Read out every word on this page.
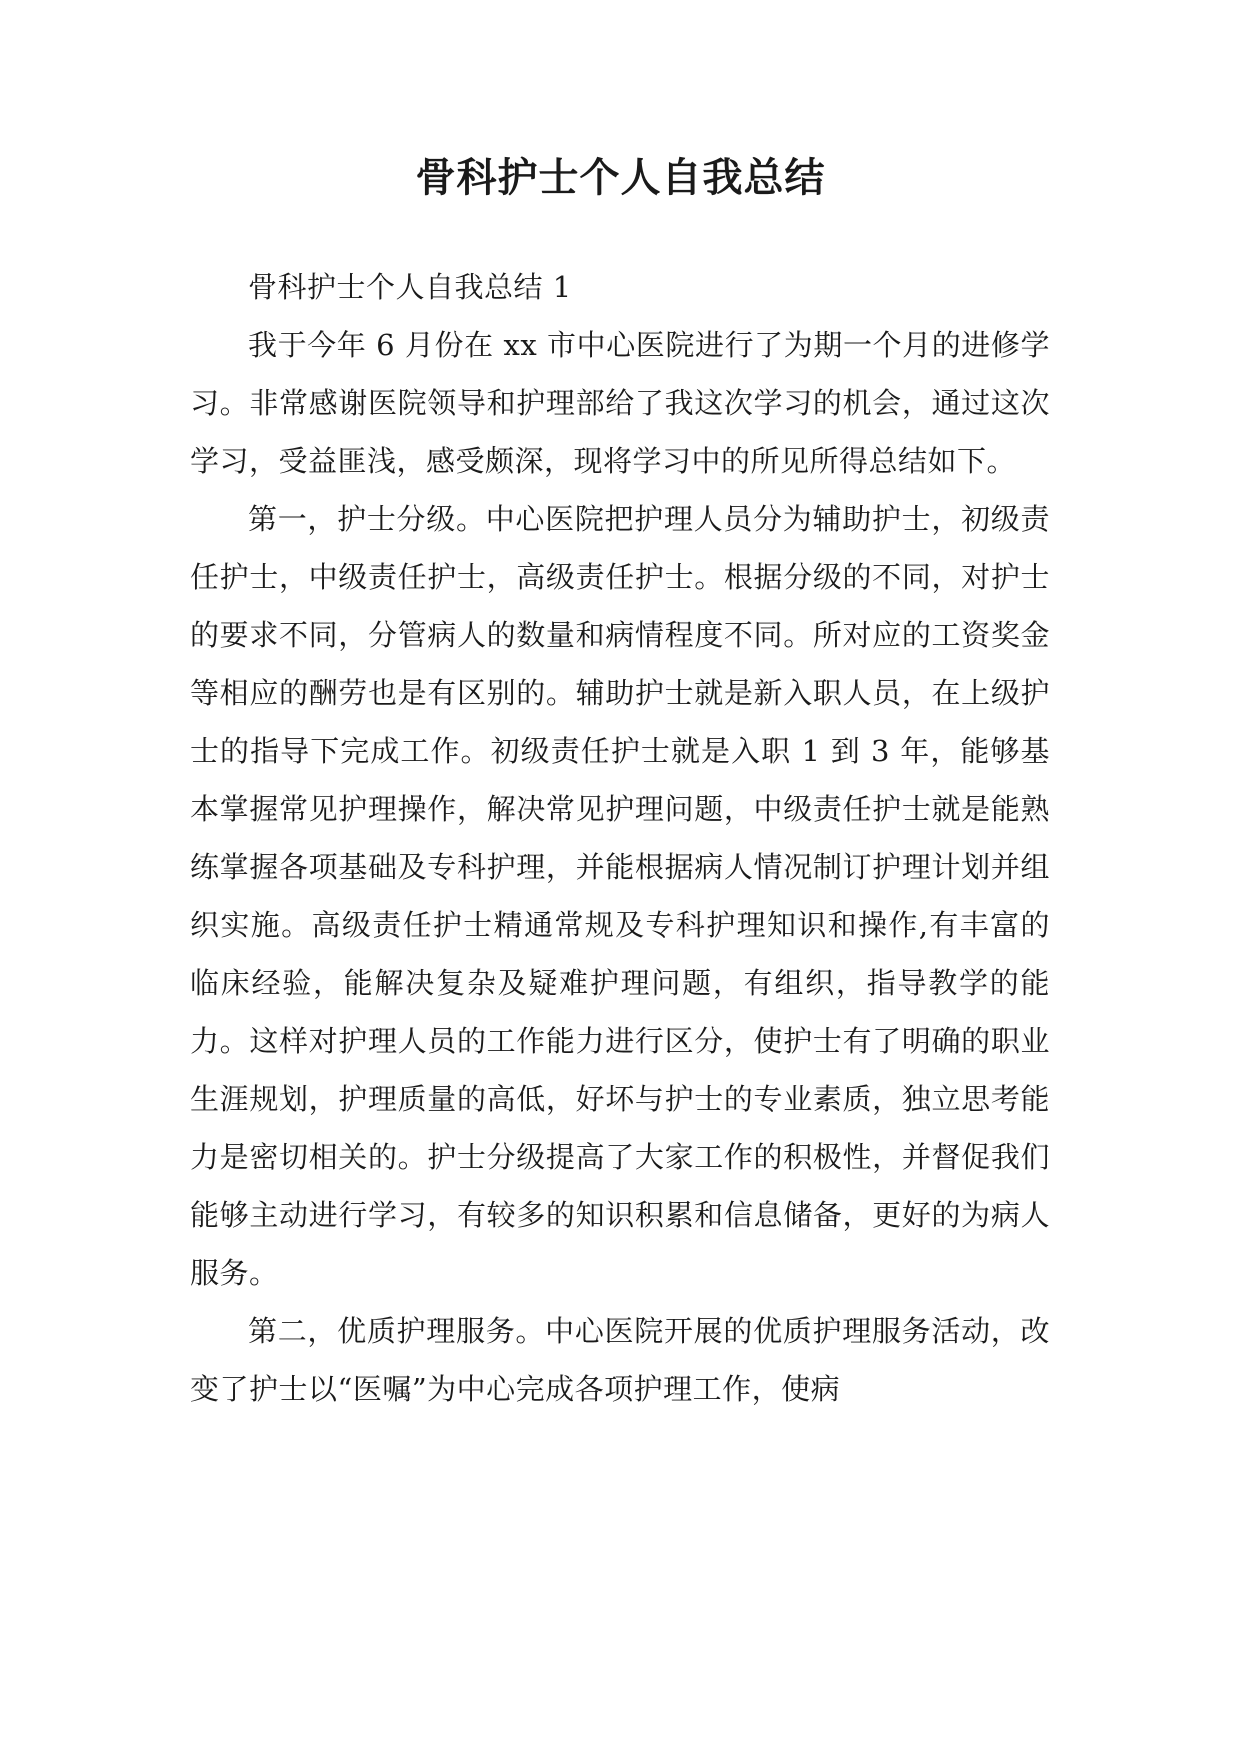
骨科护士个人自我总结

骨科护士个人自我总结 1

我于今年 6 月份在 xx 市中心医院进行了为期一个月的进修学习。非常感谢医院领导和护理部给了我这次学习的机会，通过这次学习，受益匪浅，感受颇深，现将学习中的所见所得总结如下。

第一，护士分级。中心医院把护理人员分为辅助护士，初级责任护士，中级责任护士，高级责任护士。根据分级的不同，对护士的要求不同，分管病人的数量和病情程度不同。所对应的工资奖金等相应的酬劳也是有区别的。辅助护士就是新入职人员，在上级护士的指导下完成工作。初级责任护士就是入职 1 到 3 年，能够基本掌握常见护理操作，解决常见护理问题，中级责任护士就是能熟练掌握各项基础及专科护理，并能根据病人情况制订护理计划并组织实施。高级责任护士精通常规及专科护理知识和操作,有丰富的临床经验，能解决复杂及疑难护理问题，有组织，指导教学的能力。这样对护理人员的工作能力进行区分，使护士有了明确的职业生涯规划，护理质量的高低，好坏与护士的专业素质，独立思考能力是密切相关的。护士分级提高了大家工作的积极性，并督促我们能够主动进行学习，有较多的知识积累和信息储备，更好的为病人服务。

第二，优质护理服务。中心医院开展的优质护理服务活动，改变了护士以“医嘱”为中心完成各项护理工作，使病
